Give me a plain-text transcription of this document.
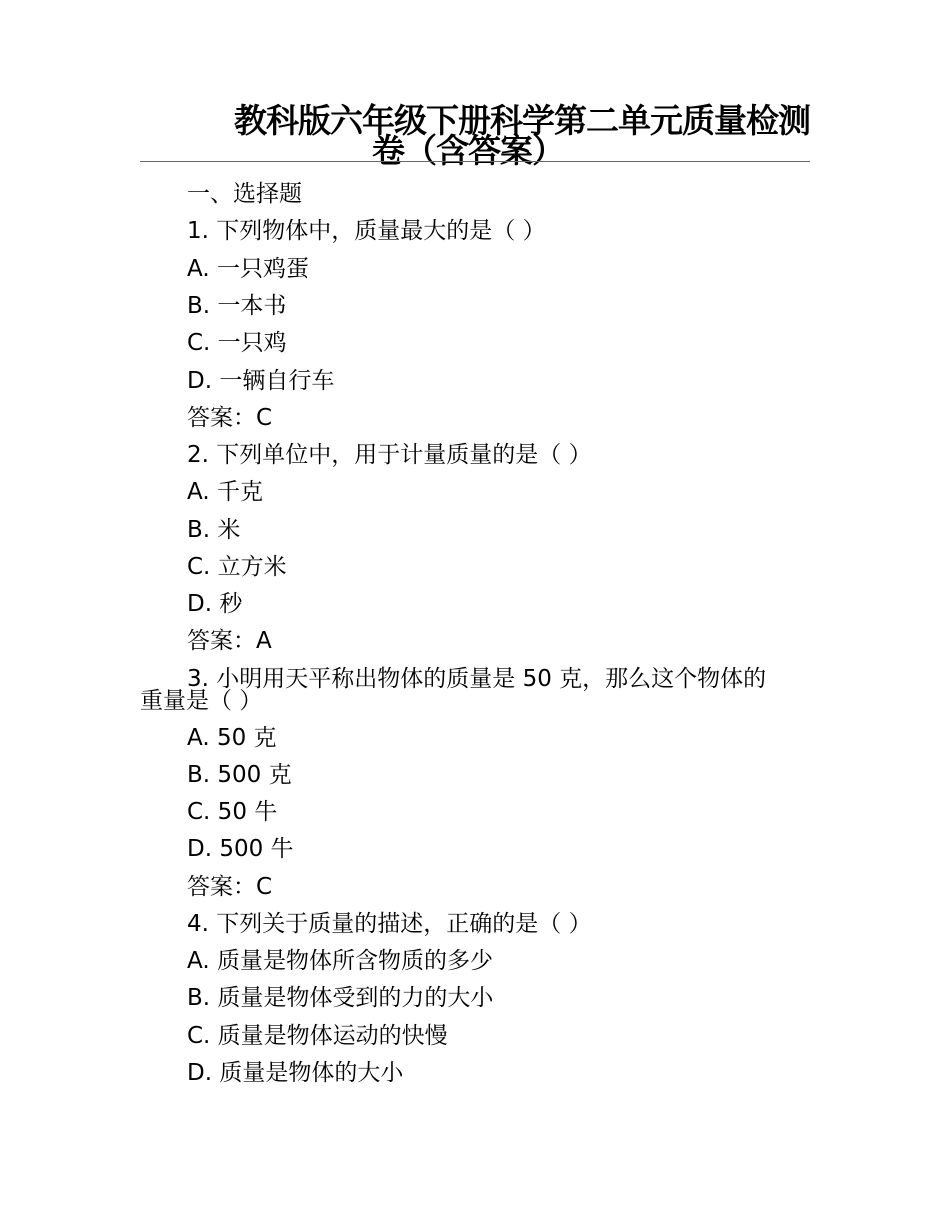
教科版六年级下册科学第二单元质量检测
卷（含答案）
一、选择题
1. 下列物体中，质量最大的是（ ）
A. 一只鸡蛋
B. 一本书
C. 一只鸡
D. 一辆自行车
答案：C
2. 下列单位中，用于计量质量的是（ ）
A. 千克
B. 米
C. 立方米
D. 秒
答案：A
3. 小明用天平称出物体的质量是 50 克，那么这个物体的
重量是（ ）
A. 50 克
B. 500 克
C. 50 牛
D. 500 牛
答案：C
4. 下列关于质量的描述，正确的是（ ）
A. 质量是物体所含物质的多少
B. 质量是物体受到的力的大小
C. 质量是物体运动的快慢
D. 质量是物体的大小
